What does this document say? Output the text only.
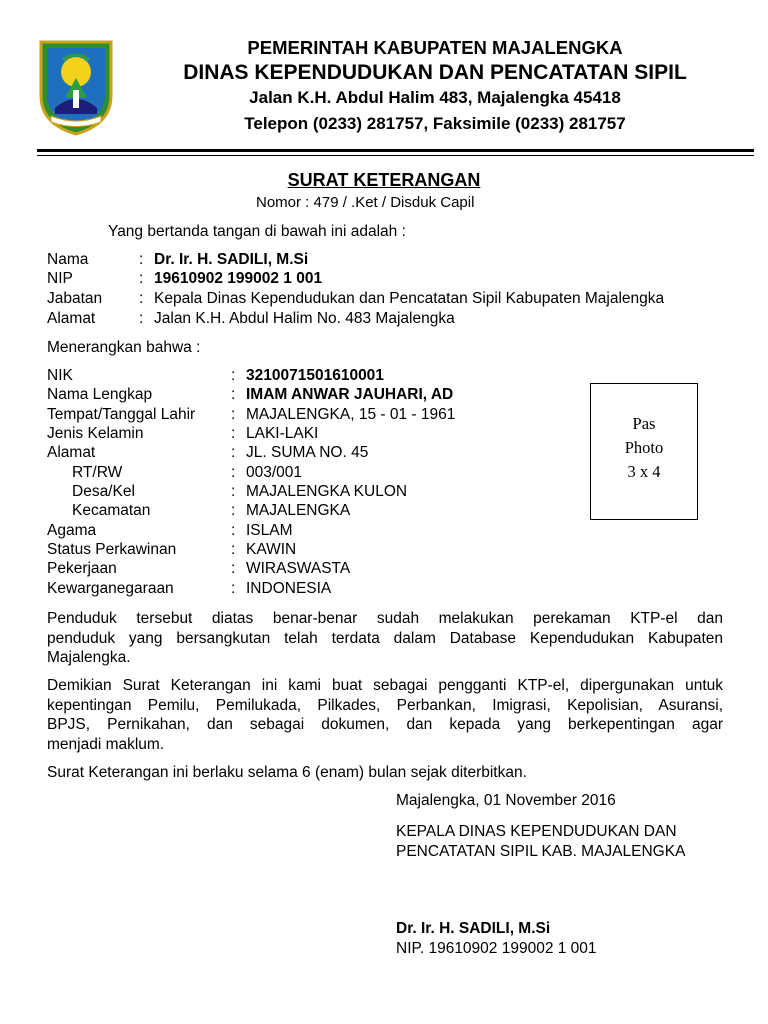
PEMERINTAH KABUPATEN MAJALENGKA
DINAS KEPENDUDUKAN DAN PENCATATAN SIPIL
Jalan K.H. Abdul Halim 483, Majalengka 45418
Telepon (0233) 281757, Faksimile (0233) 281757
SURAT KETERANGAN
Nomor : 479 / .Ket / Disduk Capil
Yang bertanda tangan di bawah ini adalah :
Nama	: Dr. Ir. H. SADILI, M.Si
NIP	: 19610902 199002 1 001
Jabatan : Kepala Dinas Kependudukan dan Pencatatan Sipil Kabupaten Majalengka
Alamat	: Jalan K.H. Abdul Halim No. 483 Majalengka
Menerangkan bahwa :
NIK	: 3210071501610001
Nama Lengkap	: IMAM ANWAR JAUHARI, AD
Tempat/Tanggal Lahir : MAJALENGKA, 15 - 01 - 1961
Jenis Kelamin	: LAKI-LAKI
Alamat	: JL. SUMA NO. 45
RT/RW	: 003/001
Desa/Kel	: MAJALENGKA KULON
Kecamatan	: MAJALENGKA
Agama	: ISLAM
Status Perkawinan	: KAWIN
Pekerjaan	: WIRASWASTA
Kewarganegaraan	: INDONESIA
Pas
Photo
3 x 4
Penduduk tersebut diatas benar-benar sudah melakukan perekaman KTP-el dan
penduduk yang bersangkutan telah terdata dalam Database Kependudukan Kabupaten
Majalengka.
Demikian Surat Keterangan ini kami buat sebagai pengganti KTP-el, dipergunakan untuk
kepentingan Pemilu, Pemilukada, Pilkades, Perbankan, Imigrasi, Kepolisian, Asuransi,
BPJS, Pernikahan, dan sebagai dokumen, dan kepada yang berkepentingan agar
menjadi maklum.
Surat Keterangan ini berlaku selama 6 (enam) bulan sejak diterbitkan.
Majalengka, 01 November 2016
KEPALA DINAS KEPENDUDUKAN DAN
PENCATATAN SIPIL KAB. MAJALENGKA
Dr. Ir. H. SADILI, M.Si
NIP. 19610902 199002 1 001
